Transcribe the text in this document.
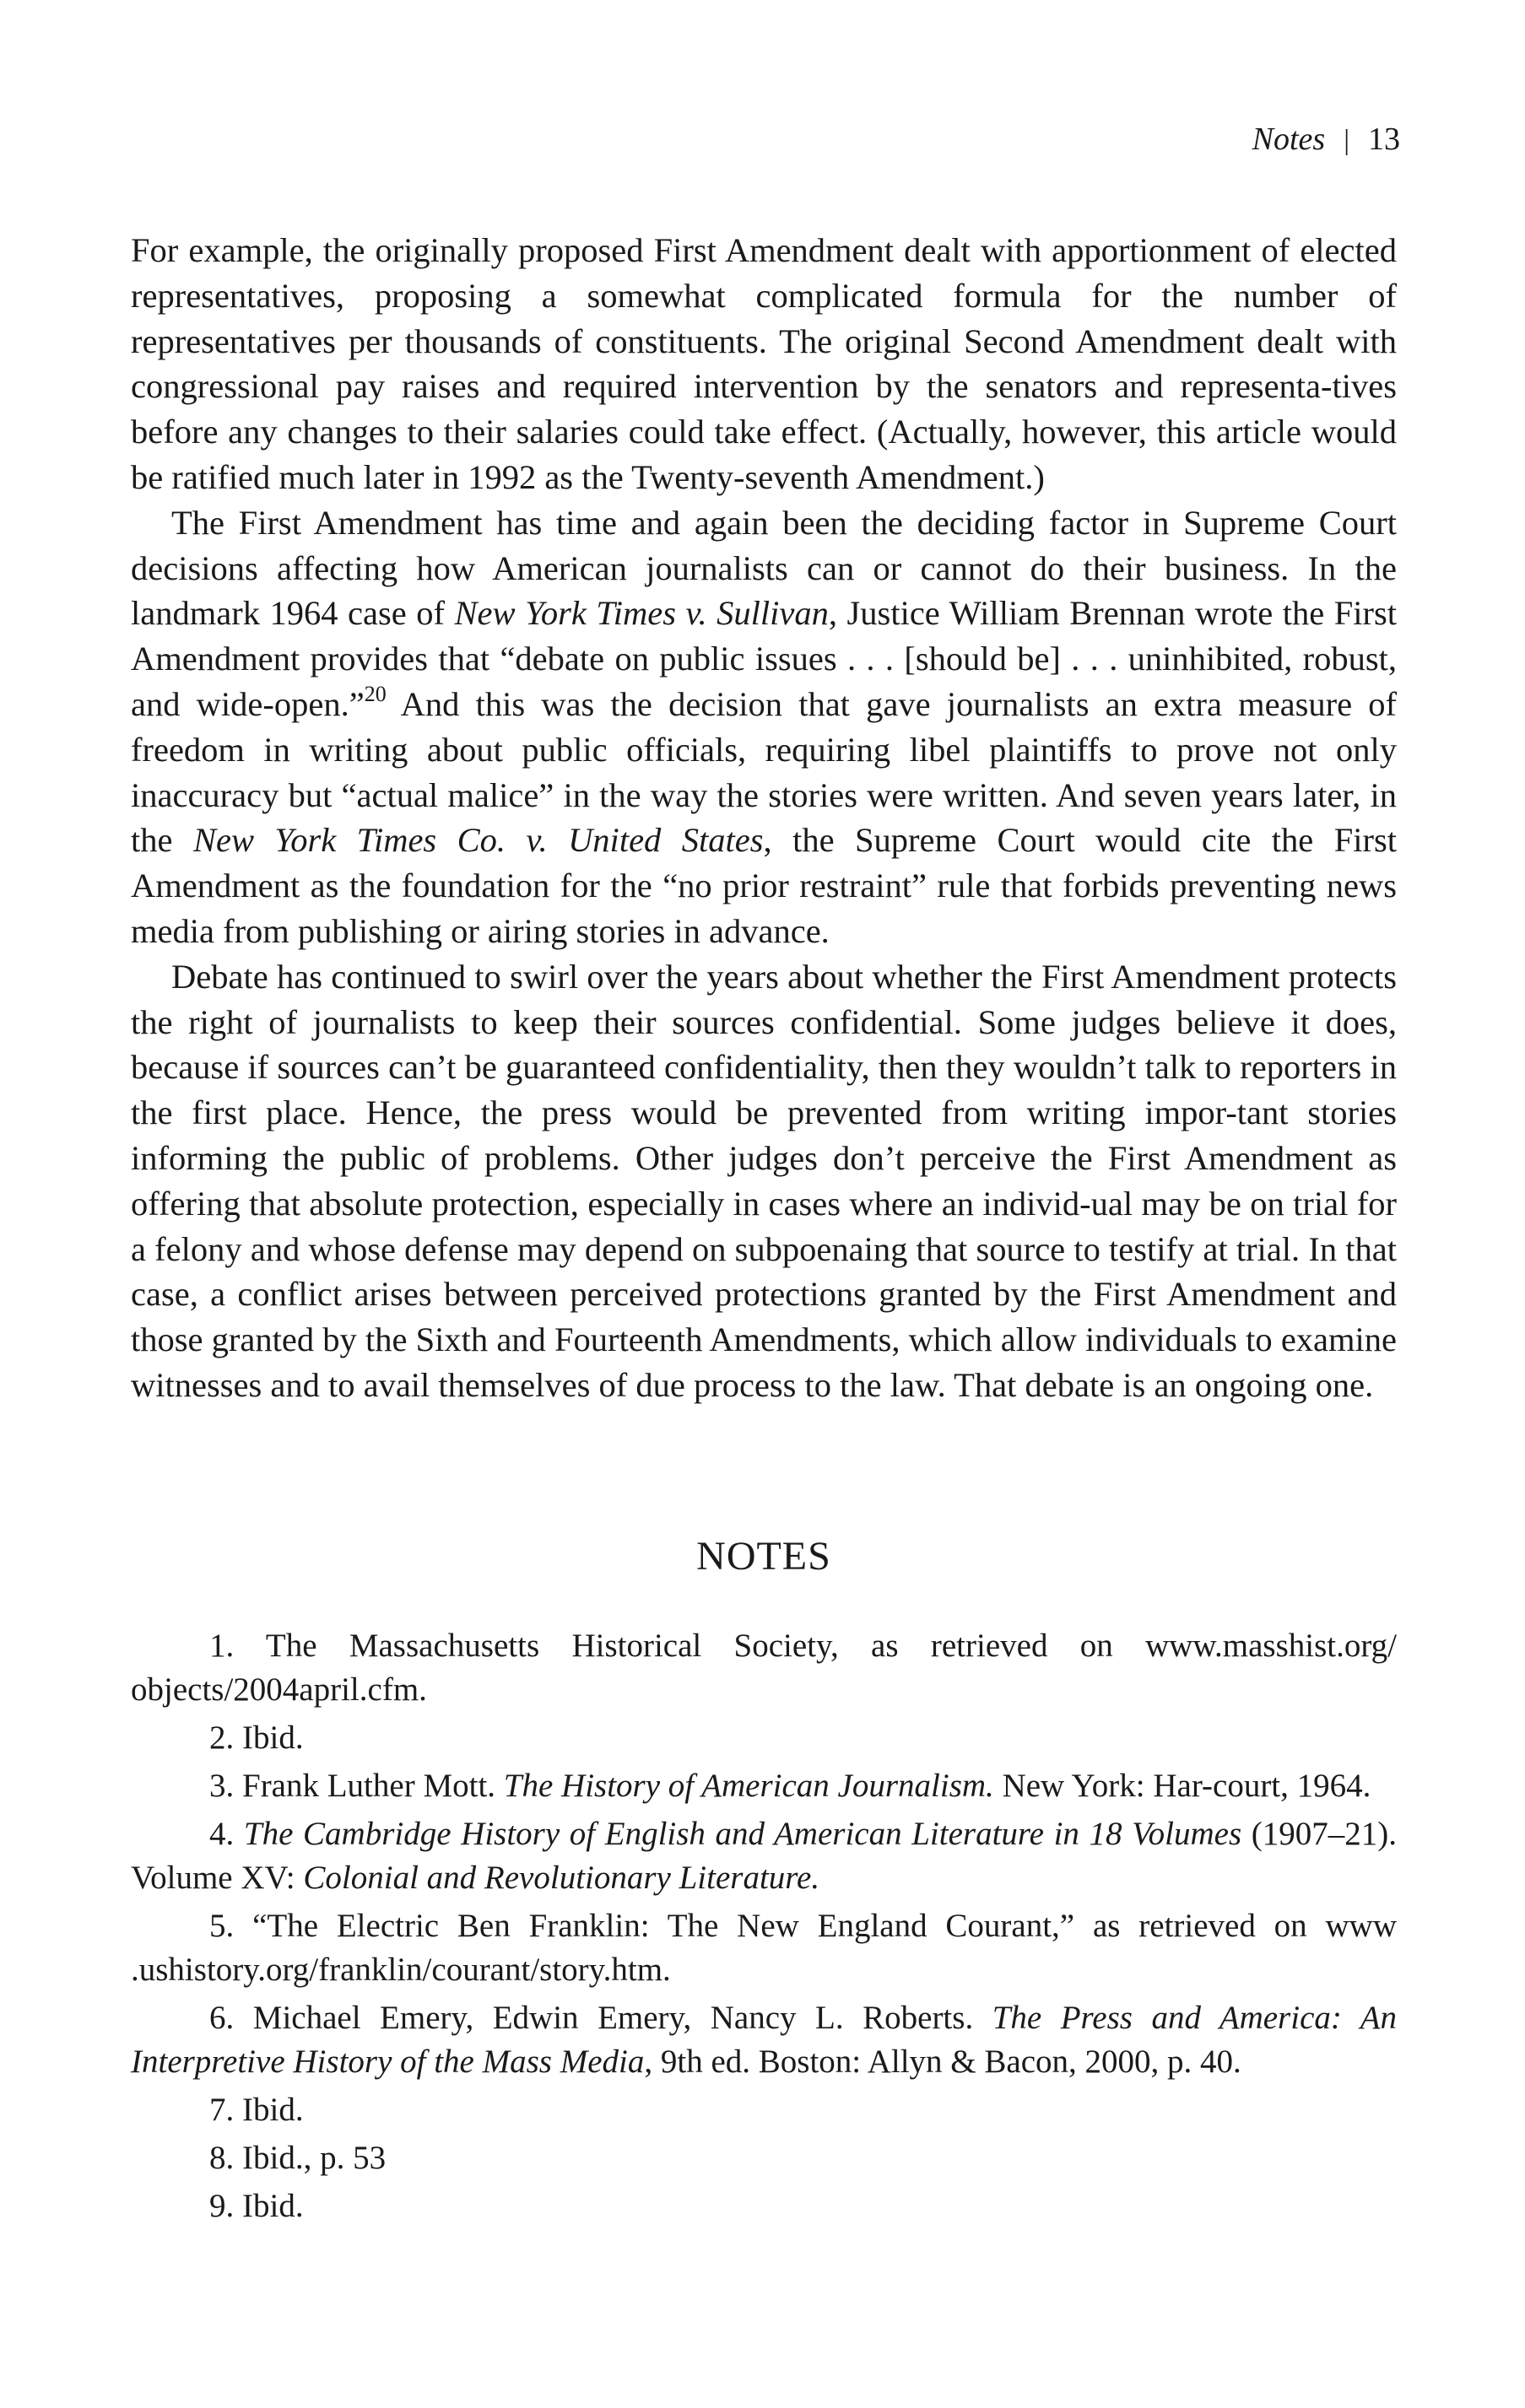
Notes | 13

For example, the originally proposed First Amendment dealt with apportionment of elected representatives, proposing a somewhat complicated formula for the number of representatives per thousands of constituents. The original Second Amendment dealt with congressional pay raises and required intervention by the senators and representa-tives before any changes to their salaries could take effect. (Actually, however, this article would be ratified much later in 1992 as the Twenty-seventh Amendment.)

The First Amendment has time and again been the deciding factor in Supreme Court decisions affecting how American journalists can or cannot do their business. In the landmark 1964 case of New York Times v. Sullivan, Justice William Brennan wrote the First Amendment provides that “debate on public issues . . . [should be] . . . uninhibited, robust, and wide-open.”$^{20}$ And this was the decision that gave journalists an extra measure of freedom in writing about public officials, requiring libel plaintiffs to prove not only inaccuracy but “actual malice” in the way the stories were written. And seven years later, in the New York Times Co. v. United States, the Supreme Court would cite the First Amendment as the foundation for the “no prior restraint” rule that forbids preventing news media from publishing or airing stories in advance.

Debate has continued to swirl over the years about whether the First Amendment protects the right of journalists to keep their sources confidential. Some judges believe it does, because if sources can’t be guaranteed confidentiality, then they wouldn’t talk to reporters in the first place. Hence, the press would be prevented from writing impor-tant stories informing the public of problems. Other judges don’t perceive the First Amendment as offering that absolute protection, especially in cases where an individ-ual may be on trial for a felony and whose defense may depend on subpoenaing that source to testify at trial. In that case, a conflict arises between perceived protections granted by the First Amendment and those granted by the Sixth and Fourteenth Amendments, which allow individuals to examine witnesses and to avail themselves of due process to the law. That debate is an ongoing one.

NOTES
1. The Massachusetts Historical Society, as retrieved on www.masshist.org/ objects/2004april.cfm.
2. Ibid.
3. Frank Luther Mott. The History of American Journalism. New York: Har-court, 1964.
4. The Cambridge History of English and American Literature in 18 Volumes (1907–21). Volume XV: Colonial and Revolutionary Literature.
5. “The Electric Ben Franklin: The New England Courant,” as retrieved on www .ushistory.org/franklin/courant/story.htm.
6. Michael Emery, Edwin Emery, Nancy L. Roberts. The Press and America: An Interpretive History of the Mass Media, 9th ed. Boston: Allyn & Bacon, 2000, p. 40.
7. Ibid.
8. Ibid., p. 53
9. Ibid.
